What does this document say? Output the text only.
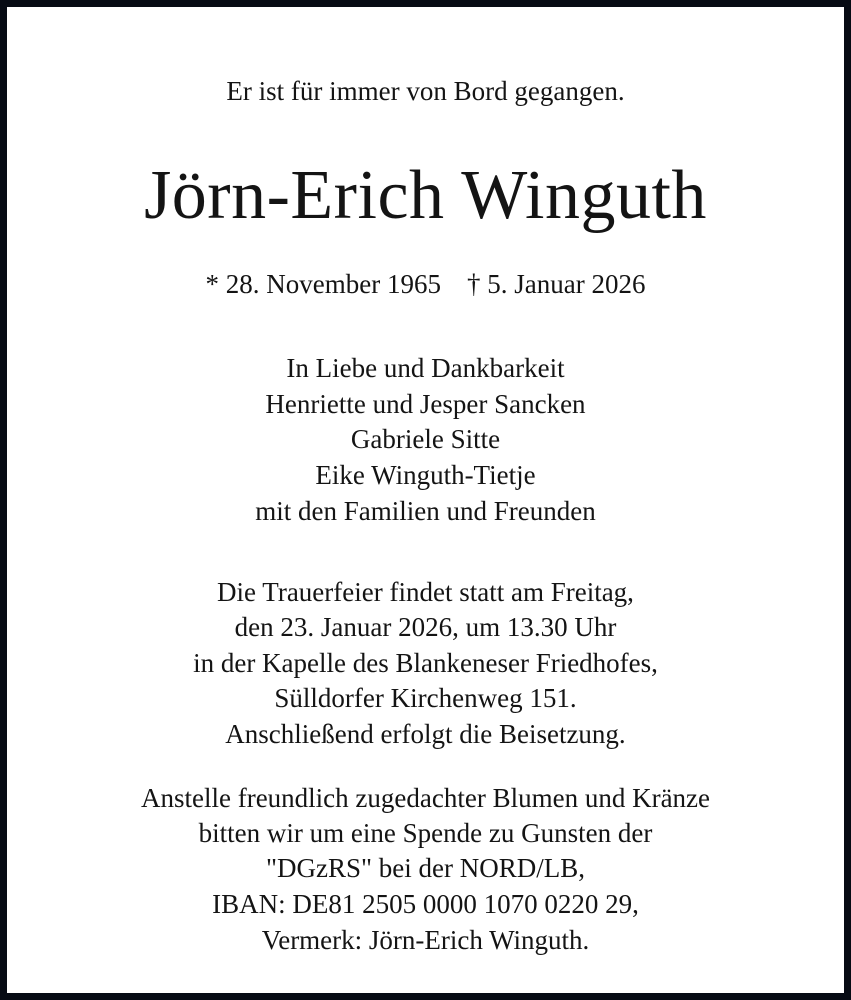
Er ist für immer von Bord gegangen.
Jörn-Erich Winguth
* 28. November 1965 † 5. Januar 2026
In Liebe und Dankbarkeit
Henriette und Jesper Sancken
Gabriele Sitte
Eike Winguth-Tietje
mit den Familien und Freunden
Die Trauerfeier findet statt am Freitag,
den 23. Januar 2026, um 13.30 Uhr
in der Kapelle des Blankeneser Friedhofes,
Sülldorfer Kirchenweg 151.
Anschließend erfolgt die Beisetzung.
Anstelle freundlich zugedachter Blumen und Kränze
bitten wir um eine Spende zu Gunsten der
"DGzRS" bei der NORD/LB,
IBAN: DE81 2505 0000 1070 0220 29,
Vermerk: Jörn-Erich Winguth.
